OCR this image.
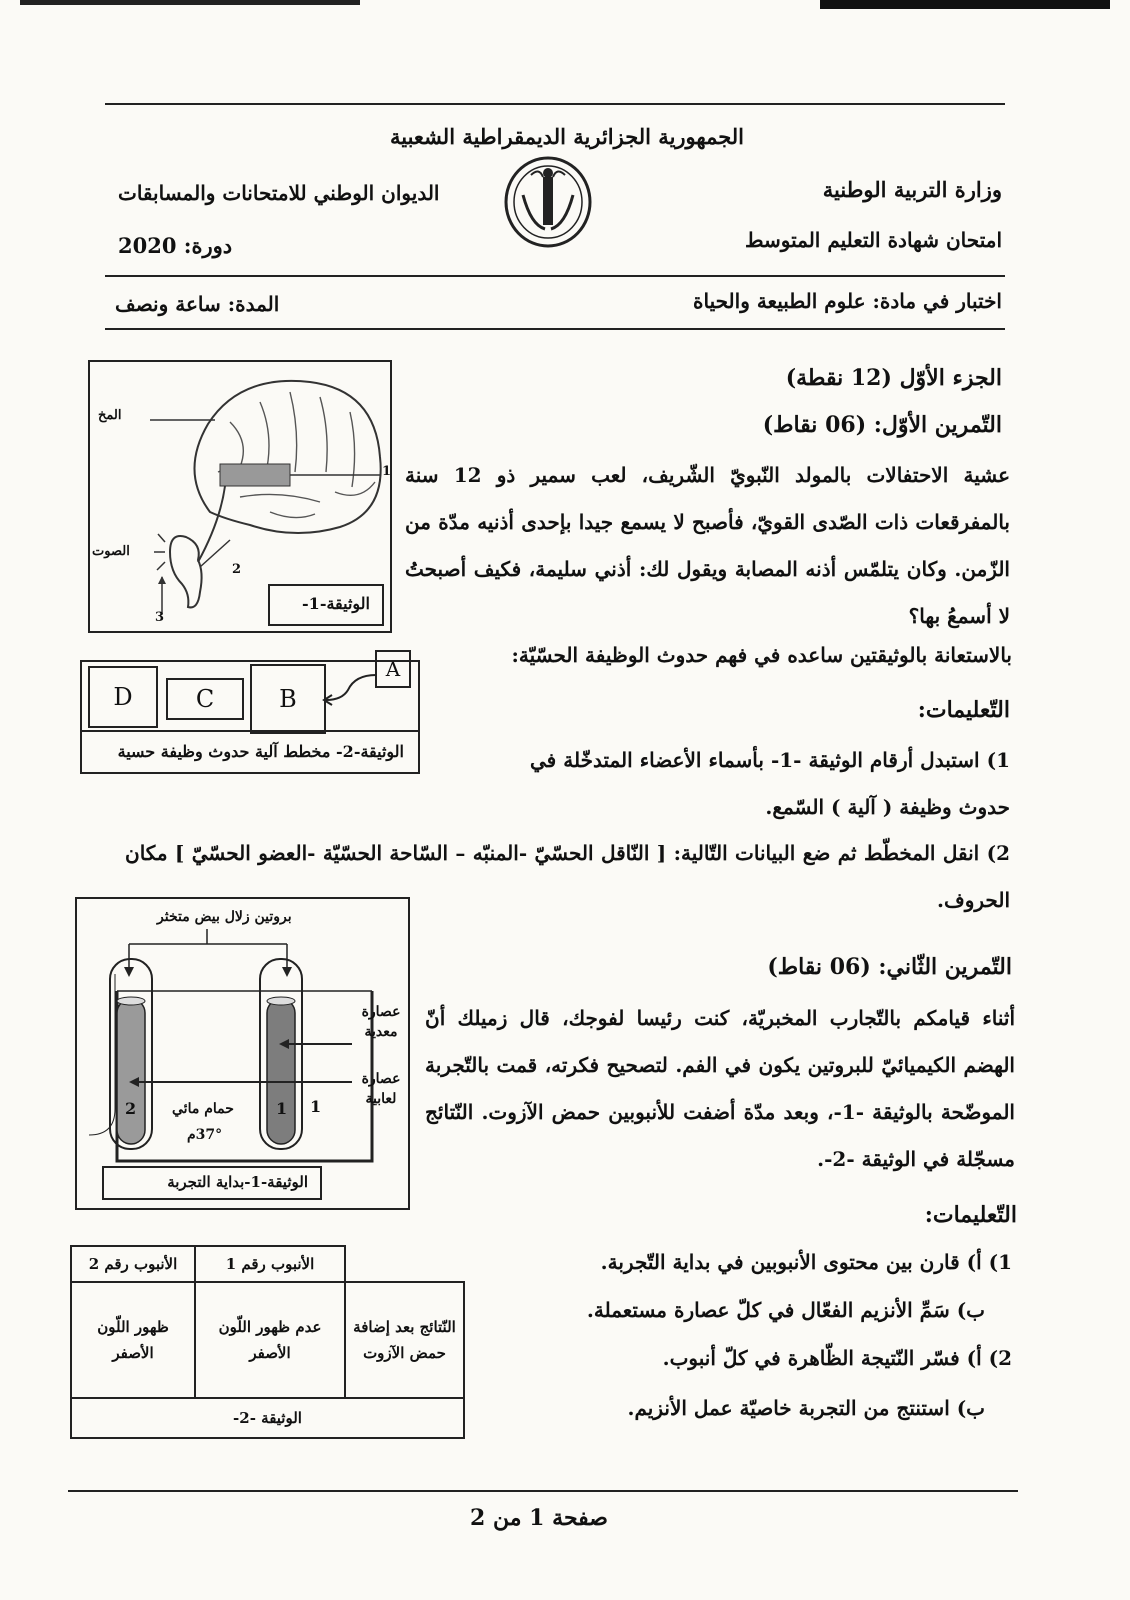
الجمهورية الجزائرية الديمقراطية الشعبية
وزارة التربية الوطنية
الديوان الوطني للامتحانات والمسابقات
امتحان شهادة التعليم المتوسط
دورة: 2020
اختبار في مادة: علوم الطبيعة والحياة
المدة: ساعة ونصف
الجزء الأوّل (12 نقطة)
التّمرين الأوّل: (06 نقاط)
عشية الاحتفالات بالمولد النّبويّ الشّريف، لعب سمير ذو 12 سنة بالمفرقعات ذات الصّدى القويّ، فأصبح لا يسمع جيدا بإحدى أذنيه مدّة من الزّمن. وكان يتلمّس أذنه المصابة ويقول لك: أذني سليمة، فكيف أصبحتُ لا أسمعُ بها؟
بالاستعانة بالوثيقتين ساعده في فهم حدوث الوظيفة الحسّيّة:
التّعليمات:
1) استبدل أرقام الوثيقة -1- بأسماء الأعضاء المتدخّلة في حدوث وظيفة ( آلية ) السّمع.
2) انقل المخطّط ثم ضع البيانات التّالية: [ النّاقل الحسّيّ -المنبّه – السّاحة الحسّيّة -العضو الحسّيّ ] مكان الحروف.
المخ
الصوت
1
2
3
الوثيقة-1-
D	C	B
الوثيقة-2- مخطط آلية حدوث وظيفة حسية
A
التّمرين الثّاني: (06 نقاط)
أثناء قيامكم بالتّجارب المخبريّة، كنت رئيسا لفوجك، قال زميلك أنّ الهضم الكيميائيّ للبروتين يكون في الفم. لتصحيح فكرته، قمت بالتّجربة الموضّحة بالوثيقة -1-، وبعد مدّة أضفت للأنبوبين حمض الآزوت. النّتائج مسجّلة في الوثيقة -2-.
التّعليمات:
1) أ) قارن بين محتوى الأنبوبين في بداية التّجربة.
ب) سَمِّ الأنزيم الفعّال في كلّ عصارة مستعملة.
2) أ) فسّر النّتيجة الظّاهرة في كلّ أنبوب.
ب) استنتج من التجربة خاصيّة عمل الأنزيم.
بروتين زلال بيض متخثر
عصارة معدية
عصارة لعابية
حمام مائي
37°م
2	1 1
الوثيقة-1-بداية التجربة
	الأنبوب رقم 1	الأنبوب رقم 2
النّتائج بعد إضافة حمض الآزوت	عدم ظهور اللّون الأصفر	ظهور اللّون الأصفر
الوثيقة -2-		
صفحة 1 من 2
